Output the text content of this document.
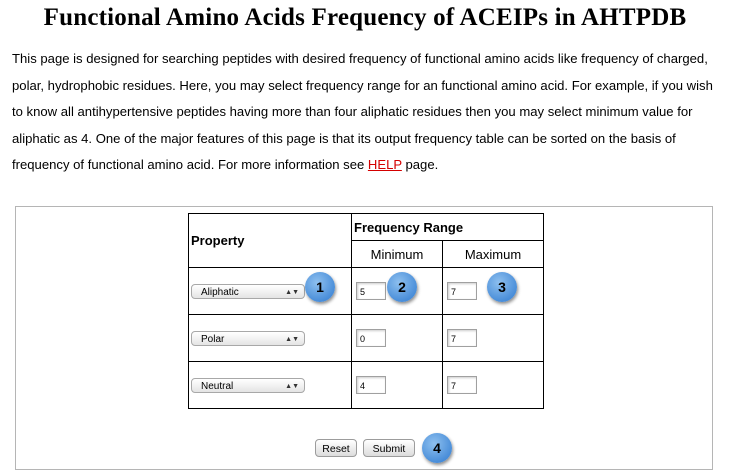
Functional Amino Acids Frequency of ACEIPs in AHTPDB
This page is designed for searching peptides with desired frequency of functional amino acids like frequency of charged, polar, hydrophobic residues. Here, you may select frequency range for an functional amino acid. For example, if you wish to know all antihypertensive peptides having more than four aliphatic residues then you may select minimum value for aliphatic as 4. One of the major features of this page is that its output frequency table can be sorted on the basis of frequency of functional amino acid. For more information see HELP page.
Property	Frequency Range	
	Minimum	Maximum

Aliphatic ▲▼	5	7

Polar ▲▼	0	7

Neutral ▲▼	4	7
1	2	3
4
Reset	Submit
